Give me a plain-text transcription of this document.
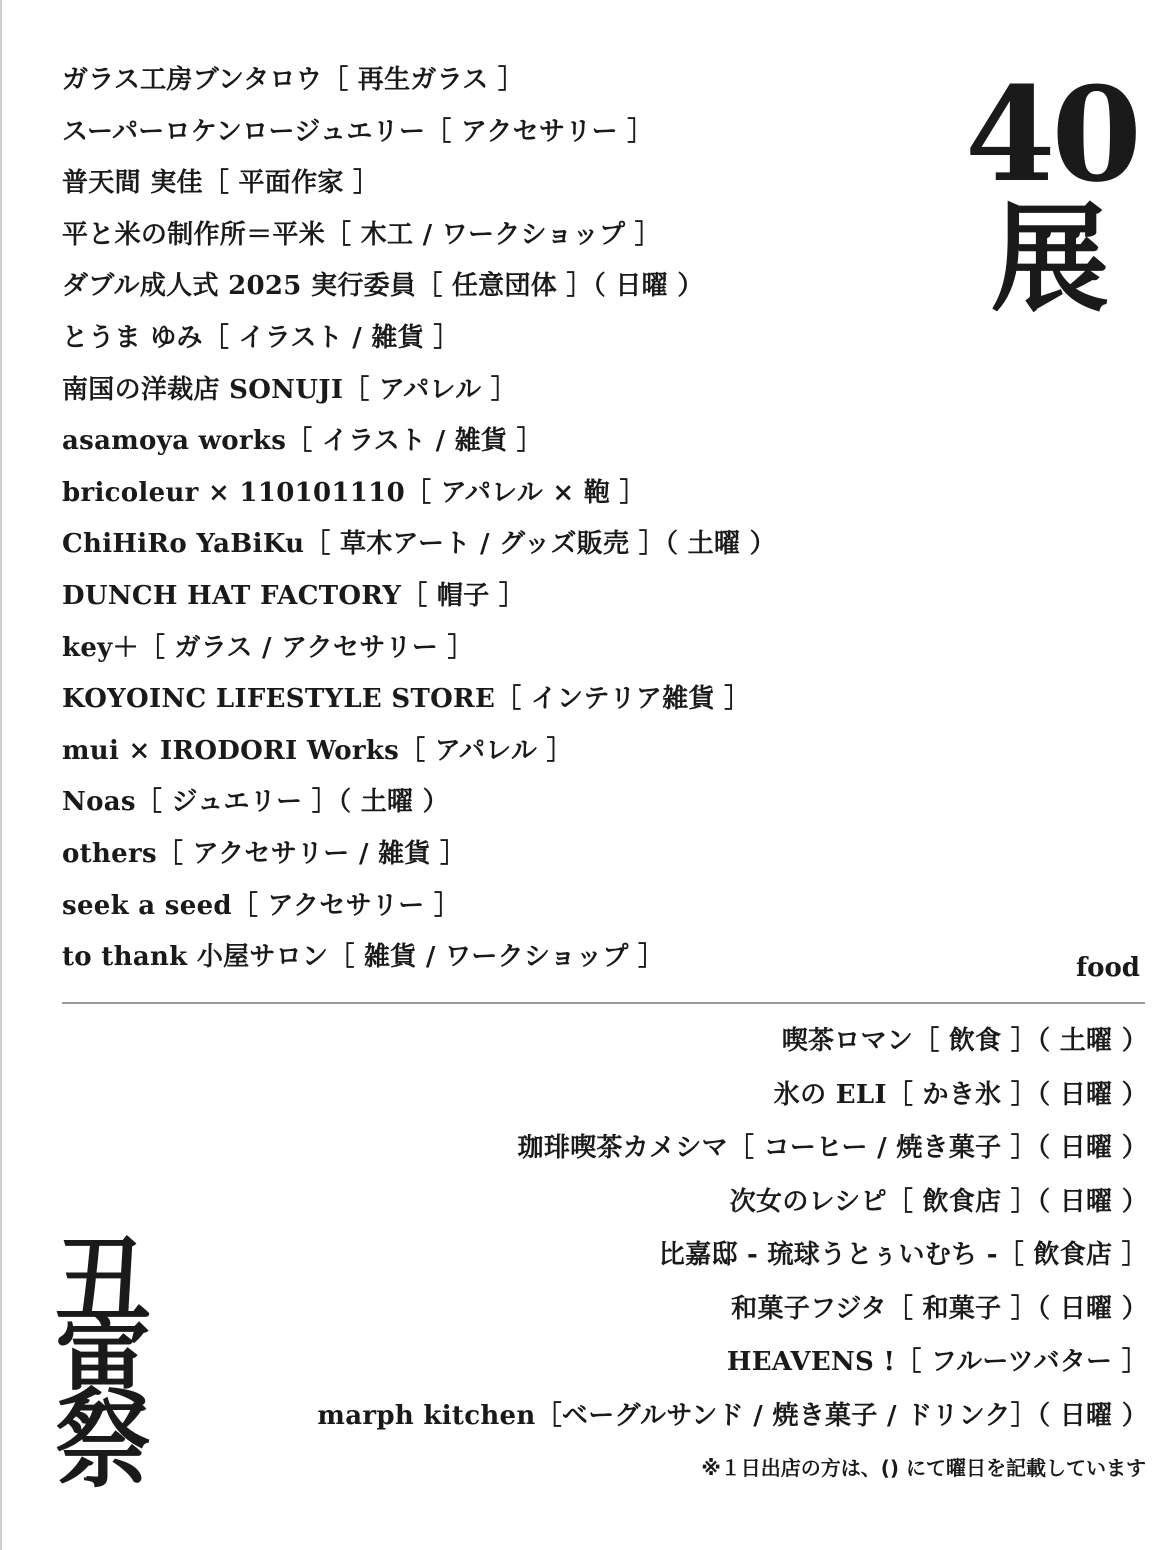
ガラス工房ブンタロウ［ 再生ガラス ］
スーパーロケンロージュエリー［ アクセサリー ］
普天間 実佳［ 平面作家 ］
平と米の制作所＝平米［ 木工 / ワークショップ ］
ダブル成人式 2025 実行委員［ 任意団体 ］（ 日曜 ）
とうま ゆみ［ イラスト / 雑貨 ］
南国の洋裁店 SONUJI［ アパレル ］
asamoya works［ イラスト / 雑貨 ］
bricoleur × 110101110［ アパレル × 鞄 ］
ChiHiRo YaBiKu［ 草木アート / グッズ販売 ］（ 土曜 ）
DUNCH HAT FACTORY［ 帽子 ］
key＋［ ガラス / アクセサリー ］
KOYOINC LIFESTYLE STORE［ インテリア雑貨 ］
mui × IRODORI Works［ アパレル ］
Noas［ ジュエリー ］（ 土曜 ）
others［ アクセサリー / 雑貨 ］
seek a seed［ アクセサリー ］
to thank 小屋サロン［ 雑貨 / ワークショップ ］
40
展
food
喫茶ロマン［ 飲食 ］（ 土曜 ）
氷の ELI［ かき氷 ］（ 日曜 ）
珈琲喫茶カメシマ［ コーヒー / 焼き菓子 ］（ 日曜 ）
次女のレシピ［ 飲食店 ］（ 日曜 ）
比嘉邸 - 琉球うとぅいむち -［ 飲食店 ］
和菓子フジタ［ 和菓子 ］（ 日曜 ）
HEAVENS !［ フルーツバター ］
marph kitchen［ベーグルサンド / 焼き菓子 / ドリンク］（ 日曜 ）
※１日出店の方は、() にて曜日を記載しています
丑
寅
祭
